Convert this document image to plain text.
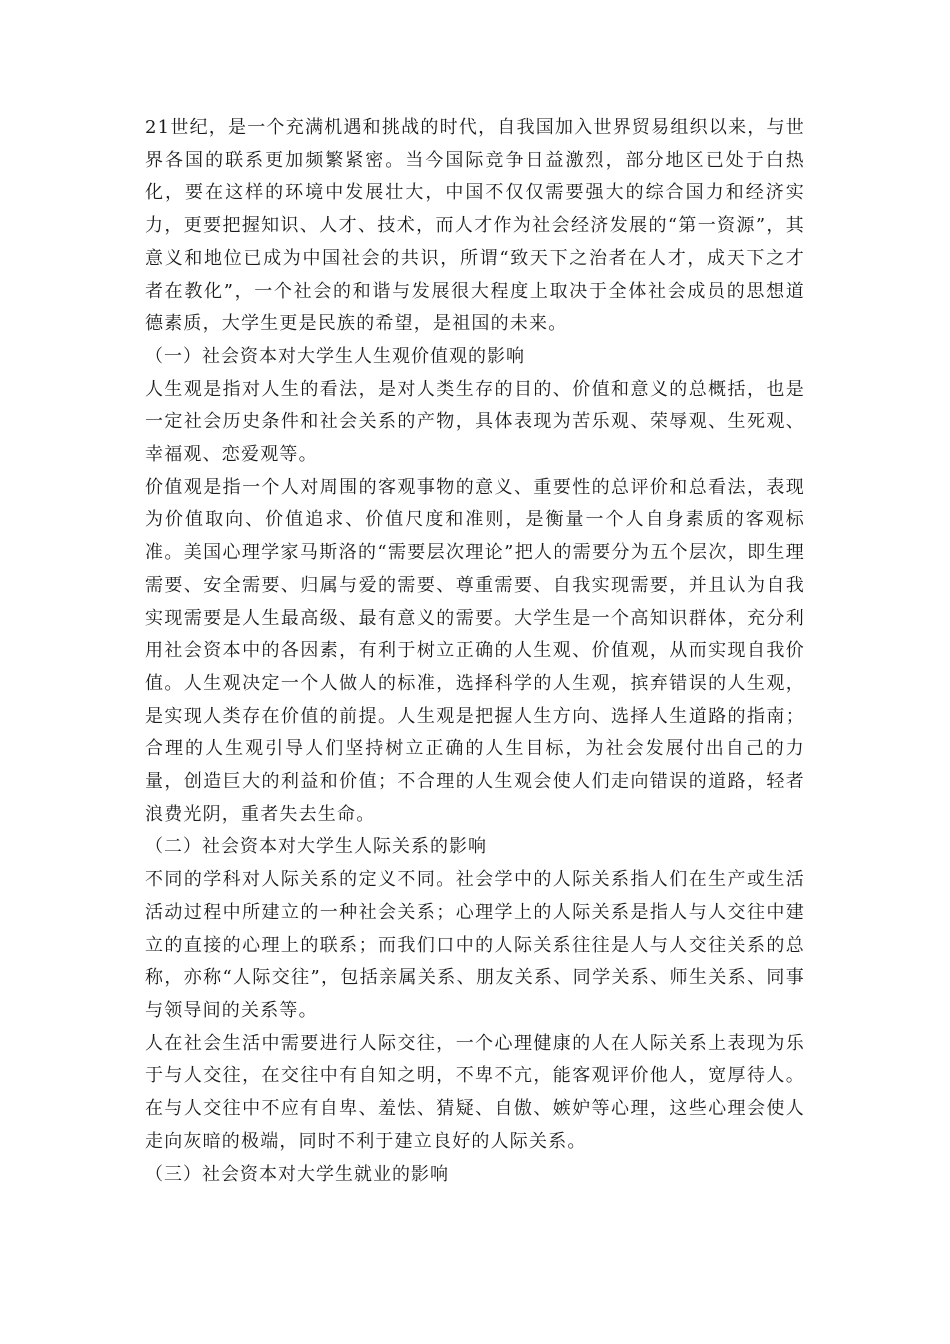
21世纪，是一个充满机遇和挑战的时代，自我国加入世界贸易组织以来，与世界各国的联系更加频繁紧密。当今国际竞争日益激烈，部分地区已处于白热化，要在这样的环境中发展壮大，中国不仅仅需要强大的综合国力和经济实力，更要把握知识、人才、技术，而人才作为社会经济发展的“第一资源”，其意义和地位已成为中国社会的共识，所谓“致天下之治者在人才，成天下之才者在教化”，一个社会的和谐与发展很大程度上取决于全体社会成员的思想道德素质，大学生更是民族的希望，是祖国的未来。

（一）社会资本对大学生人生观价值观的影响

人生观是指对人生的看法，是对人类生存的目的、价值和意义的总概括，也是一定社会历史条件和社会关系的产物，具体表现为苦乐观、荣辱观、生死观、幸福观、恋爱观等。

价值观是指一个人对周围的客观事物的意义、重要性的总评价和总看法，表现为价值取向、价值追求、价值尺度和准则，是衡量一个人自身素质的客观标准。美国心理学家马斯洛的“需要层次理论”把人的需要分为五个层次，即生理需要、安全需要、归属与爱的需要、尊重需要、自我实现需要，并且认为自我实现需要是人生最高级、最有意义的需要。大学生是一个高知识群体，充分利用社会资本中的各因素，有利于树立正确的人生观、价值观，从而实现自我价值。人生观决定一个人做人的标准，选择科学的人生观，摈弃错误的人生观，是实现人类存在价值的前提。人生观是把握人生方向、选择人生道路的指南；合理的人生观引导人们坚持树立正确的人生目标，为社会发展付出自己的力量，创造巨大的利益和价值；不合理的人生观会使人们走向错误的道路，轻者浪费光阴，重者失去生命。

（二）社会资本对大学生人际关系的影响

不同的学科对人际关系的定义不同。社会学中的人际关系指人们在生产或生活活动过程中所建立的一种社会关系；心理学上的人际关系是指人与人交往中建立的直接的心理上的联系；而我们口中的人际关系往往是人与人交往关系的总称，亦称“人际交往”，包括亲属关系、朋友关系、同学关系、师生关系、同事与领导间的关系等。

人在社会生活中需要进行人际交往，一个心理健康的人在人际关系上表现为乐于与人交往，在交往中有自知之明，不卑不亢，能客观评价他人，宽厚待人。在与人交往中不应有自卑、羞怯、猜疑、自傲、嫉妒等心理，这些心理会使人走向灰暗的极端，同时不利于建立良好的人际关系。

（三）社会资本对大学生就业的影响
